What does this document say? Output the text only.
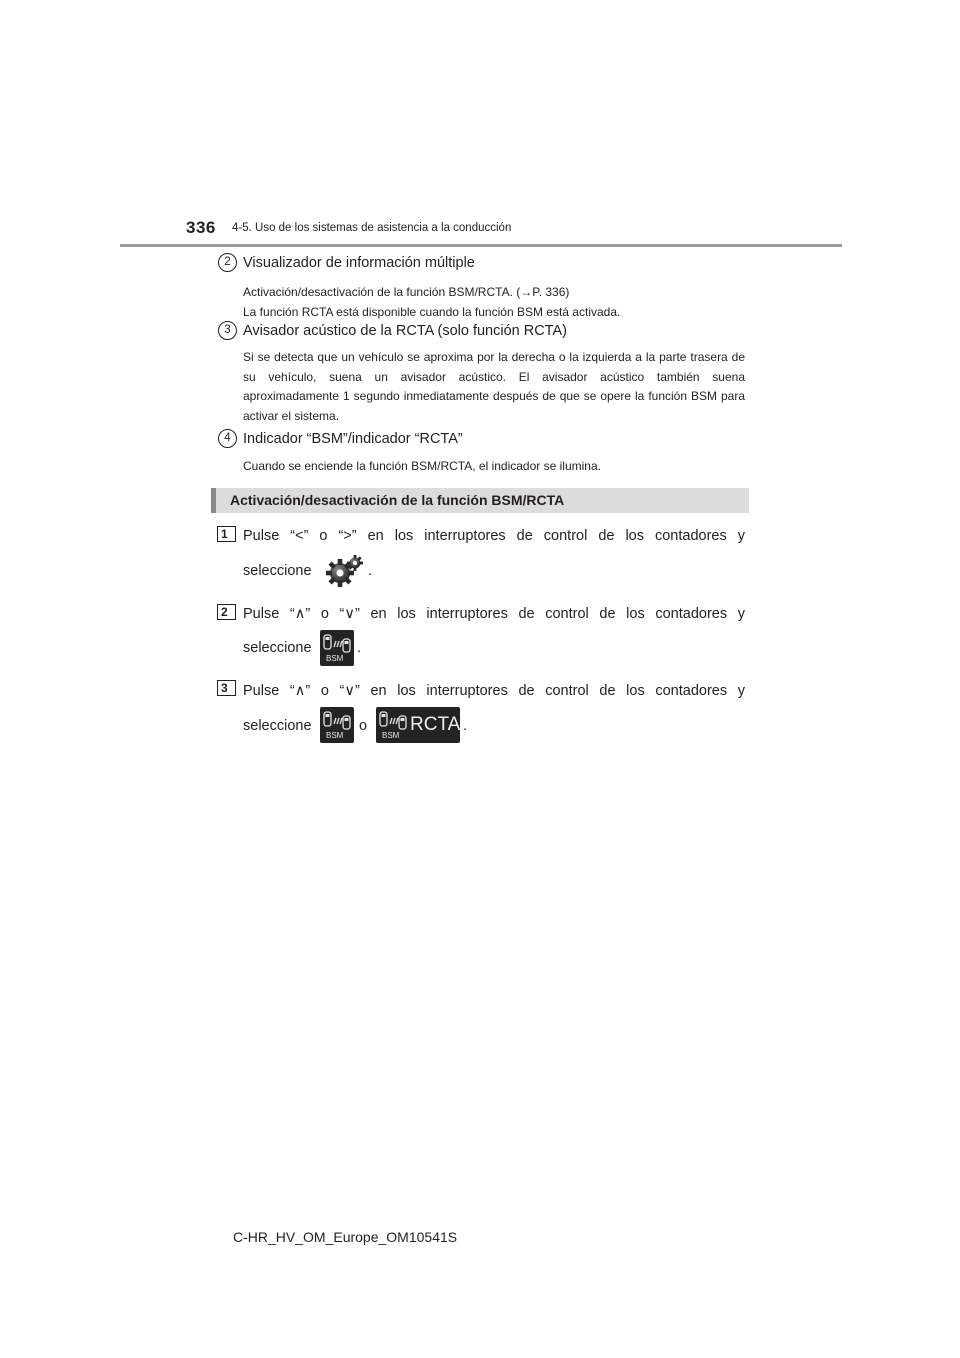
336 4-5. Uso de los sistemas de asistencia a la conducción
2 Visualizador de información múltiple
Activación/desactivación de la función BSM/RCTA. (→P. 336)
La función RCTA está disponible cuando la función BSM está activada.
3 Avisador acústico de la RCTA (solo función RCTA)
Si se detecta que un vehículo se aproxima por la derecha o la izquierda a la parte trasera de su vehículo, suena un avisador acústico. El avisador acústico también suena aproximadamente 1 segundo inmediatamente después de que se opere la función BSM para activar el sistema.
4 Indicador “BSM”/indicador “RCTA”
Cuando se enciende la función BSM/RCTA, el indicador se ilumina.
Activación/desactivación de la función BSM/RCTA
1	Pulse “<” o “>” en los interruptores de control de los contadores y
seleccione	.
2	Pulse “∧” o “∨” en los interruptores de control de los contadores y
seleccione
BSM
.
3	Pulse “∧” o “∨” en los interruptores de control de los contadores y
seleccione
BSM
o
BSM
RCTA .
C-HR_HV_OM_Europe_OM10541S
